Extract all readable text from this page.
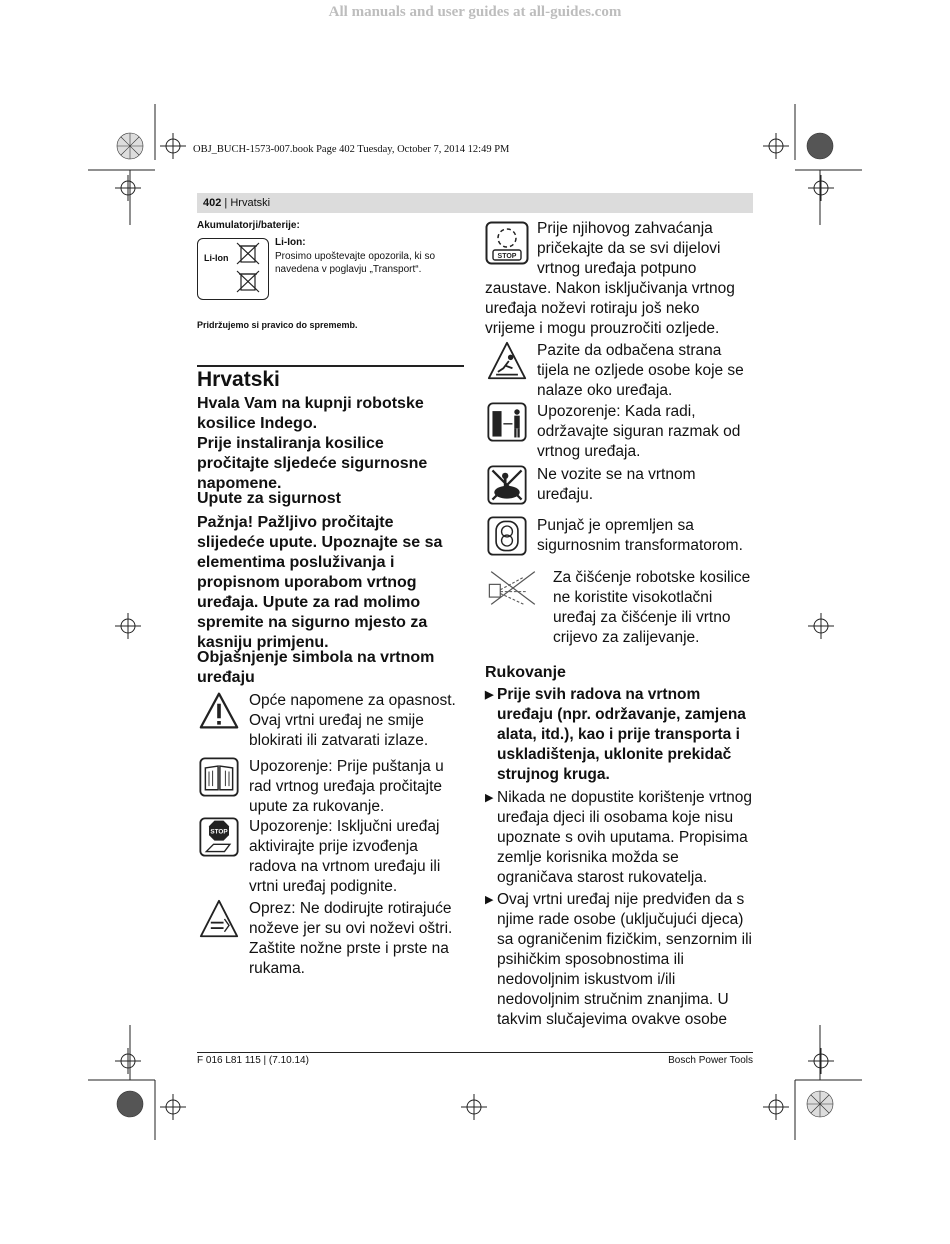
All manuals and user guides at all-guides.com
OBJ_BUCH-1573-007.book Page 402 Tuesday, October 7, 2014 12:49 PM
402 | Hrvatski
Akumulatorji/baterije:
Li-Ion
Li-Ion:
Prosimo upoštevajte opozorila, ki so navedena v poglavju „Transport“.
Pridržujemo si pravico do sprememb.
Hrvatski
Hvala Vam na kupnji robotske kosilice Indego.
Prije instaliranja kosilice pročitajte sljedeće sigurnosne napomene.
Upute za sigurnost
Pažnja! Pažljivo pročitajte slijedeće upute. Upoznajte se sa elementima posluživanja i propisnom uporabom vrtnog uređaja. Upute za rad molimo spremite na sigurno mjesto za kasniju primjenu.
Objašnjenje simbola na vrtnom uređaju
Opće napomene za opasnost. Ovaj vrtni uređaj ne smije blokirati ili zatvarati izlaze.
Upozorenje: Prije puštanja u rad vrtnog uređaja pročitajte upute za rukovanje.
STOP Upozorenje: Isključni uređaj aktivirajte prije izvođenja radova na vrtnom uređaju ili vrtni uređaj podignite.
Oprez: Ne dodirujte rotirajuće noževe jer su ovi noževi oštri. Zaštite nožne prste i prste na rukama.
STOP
Prije njihovog zahvaćanja pričekajte da se svi dijelovi vrtnog uređaja potpuno zaustave. Nakon isključivanja vrtnog uređaja noževi rotiraju još neko vrijeme i mogu prouzročiti ozljede.
Pazite da odbačena strana tijela ne ozljede osobe koje se nalaze oko uređaja.
Upozorenje: Kada radi, održavajte siguran razmak od vrtnog uređaja.
Ne vozite se na vrtnom uređaju.
Punjač je opremljen sa sigurnosnim transformatorom.
Za čišćenje robotske kosilice ne koristite visokotlačni uređaj za čišćenje ili vrtno crijevo za zalijevanje.
Rukovanje
▶ Prije svih radova na vrtnom uređaju (npr. održavanje, zamjena alata, itd.), kao i prije transporta i uskladištenja, uklonite prekidač strujnog kruga.
▶ Nikada ne dopustite korištenje vrtnog uređaja djeci ili osobama koje nisu upoznate s ovih uputama. Propisima zemlje korisnika možda se ograničava starost rukovatelja.
▶ Ovaj vrtni uređaj nije predviđen da s njime rade osobe (uključujući djeca) sa ograničenim fizičkim, senzornim ili psihičkim sposobnostima ili nedovoljnim iskustvom i/ili nedovoljnim stručnim znanjima. U takvim slučajevima ovakve osobe
F 016 L81 115 | (7.10.14)	Bosch Power Tools
